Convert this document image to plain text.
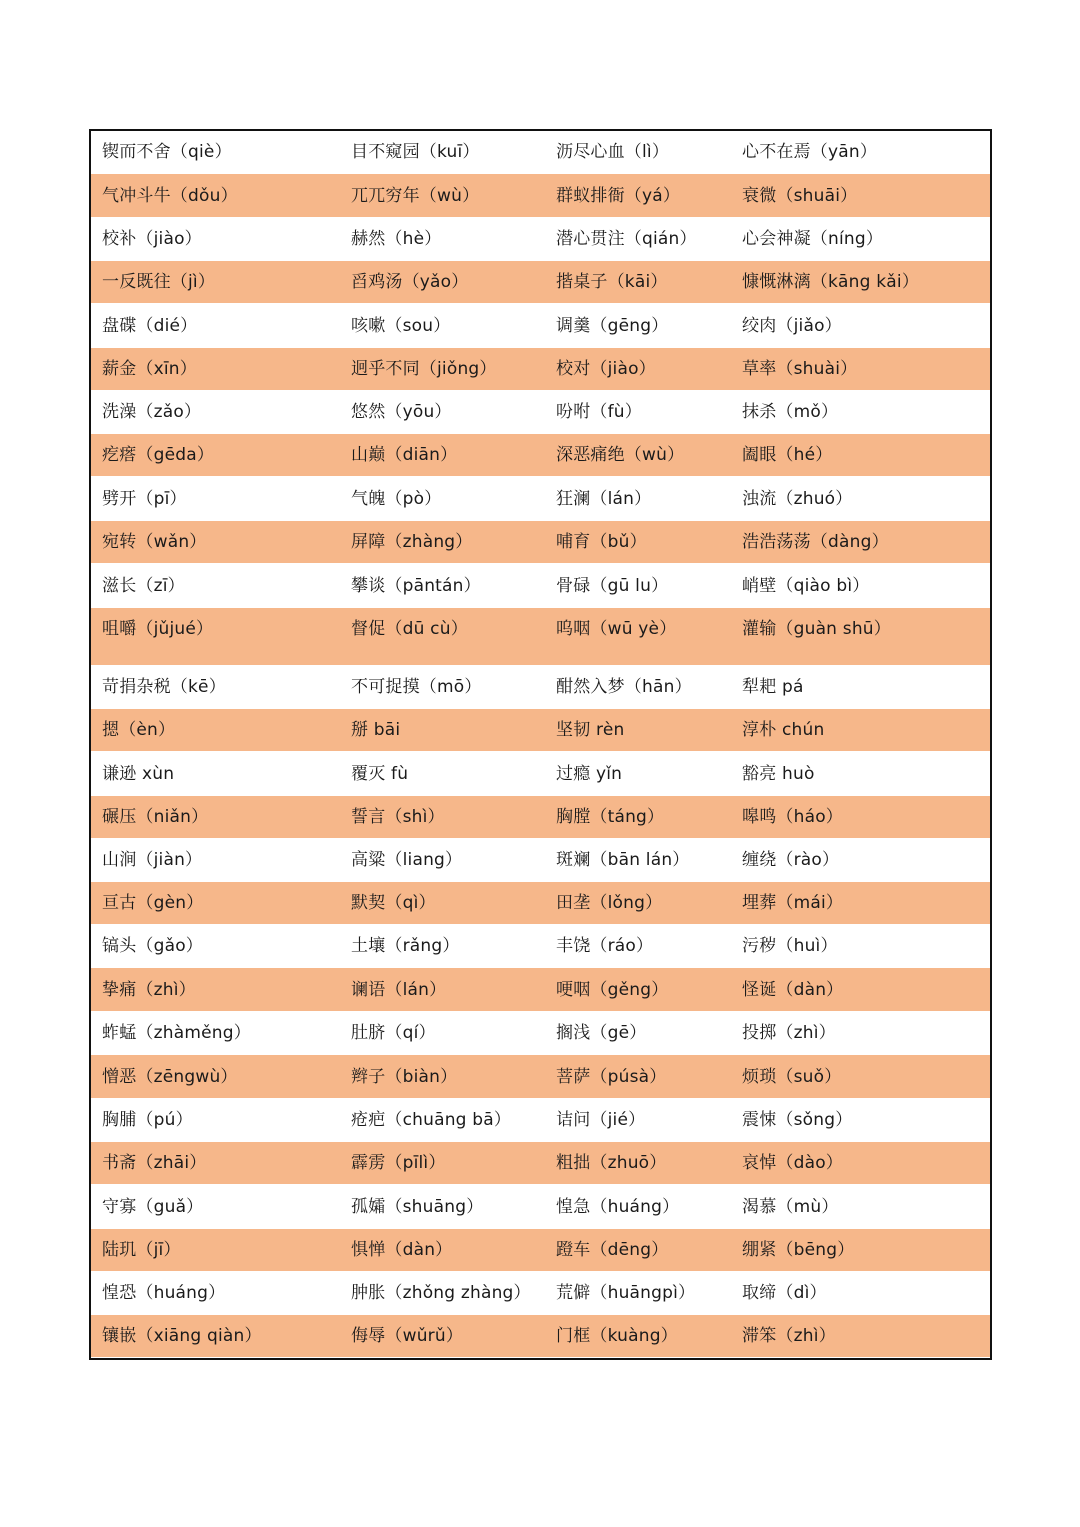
锲而不舍（qiè）	目不窥园（kuī）	沥尽心血（lì）	心不在焉（yān）
气冲斗牛（dǒu）	兀兀穷年（wù）	群蚁排衙（yá）	衰微（shuāi）
校补（jiào）	赫然（hè）	潜心贯注（qián）	心会神凝（níng）
一反既往（jì）	舀鸡汤（yǎo）	揩桌子（kāi）	慷慨淋漓（kāng kǎi）
盘碟（dié）	咳嗽（sou）	调羹（gēng）	绞肉（jiǎo）
薪金（xīn）	迥乎不同（jiǒng）	校对（jiào）	草率（shuài）
洗澡（zǎo）	悠然（yōu）	吩咐（fù）	抹杀（mǒ）
疙瘩（gēda）	山巅（diān）	深恶痛绝（wù）	阖眼（hé）
劈开（pī）	气魄（pò）	狂澜（lán）	浊流（zhuó）
宛转（wǎn）	屏障（zhàng）	哺育（bǔ）	浩浩荡荡（dàng）
滋长（zī）	攀谈（pāntán）	骨碌（gū lu）	峭壁（qiào bì）
咀嚼（jǔjué）	督促（dū cù）	呜咽（wū yè）	灌输（guàn shū）
苛捐杂税（kē）	不可捉摸（mō）	酣然入梦（hān）	犁耙 pá
摁（èn）	掰 bāi	坚韧 rèn	淳朴 chún
谦逊 xùn	覆灭 fù	过瘾 yǐn	豁亮 huò
碾压（niǎn）	誓言（shì）	胸膛（táng）	嗥鸣（háo）
山涧（jiàn）	高粱（liang）	斑斓（bān lán）	缠绕（rào）
亘古（gèn）	默契（qì）	田垄（lǒng）	埋葬（mái）
镐头（gǎo）	土壤（rǎng）	丰饶（ráo）	污秽（huì）
挚痛（zhì）	谰语（lán）	哽咽（gěng）	怪诞（dàn）
蚱蜢（zhàměng）	肚脐（qí）	搁浅（gē）	投掷（zhì）
憎恶（zēngwù）	辫子（biàn）	菩萨（púsà）	烦琐（suǒ）
胸脯（pú）	疮疤（chuāng bā）	诘问（jié）	震悚（sǒng）
书斋（zhāi）	霹雳（pīlì）	粗拙（zhuō）	哀悼（dào）
守寡（guǎ）	孤孀（shuāng）	惶急（huáng）	渴慕（mù）
陆玑（jī）	惧惮（dàn）	蹬车（dēng）	绷紧（bēng）
惶恐（huáng）	肿胀（zhǒng zhàng）	荒僻（huāngpì）	取缔（dì）
镶嵌（xiāng qiàn）	侮辱（wǔrǔ）	门框（kuàng）	滞笨（zhì）
